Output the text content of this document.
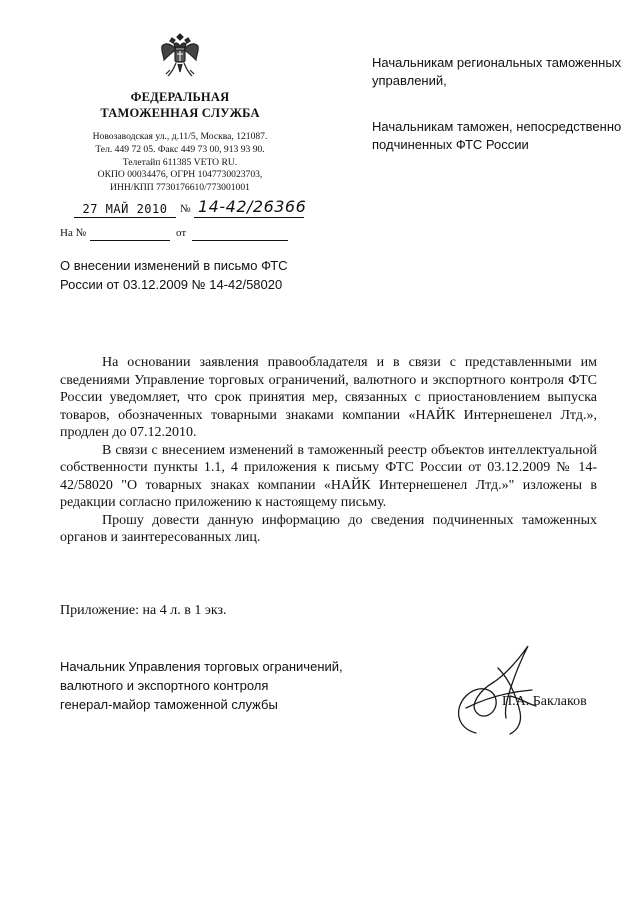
ФЕДЕРАЛЬНАЯ
ТАМОЖЕННАЯ СЛУЖБА
Новозаводская ул., д.11/5, Москва, 121087.
Тел. 449 72 05. Факс 449 73 00, 913 93 90.
Телетайп 611385 VETO RU.
ОКПО 00034476, ОГРН 1047730023703,
ИНН/КПП 7730176610/773001001
27 МАЙ 2010	№ 14-42/26366
На №	от

Начальникам региональных таможенных управлений,

Начальникам таможен, непосредственно подчиненных ФТС России

О внесении изменений в письмо ФТС России от 03.12.2009 № 14-42/58020

На основании заявления правообладателя и в связи с представленными им сведениями Управление торговых ограничений, валютного и экспортного контроля ФТС России уведомляет, что срок принятия мер, связанных с приостановлением выпуска товаров, обозначенных товарными знаками компании «НАЙК Интернешенел Лтд.», продлен до 07.12.2010.

В связи с внесением изменений в таможенный реестр объектов интеллектуальной собственности пункты 1.1, 4 приложения к письму ФТС России от 03.12.2009 № 14-42/58020 "О товарных знаках компании «НАЙК Интернешенел Лтд.»" изложены в редакции согласно приложению к настоящему письму.

Прошу довести данную информацию до сведения подчиненных таможенных органов и заинтересованных лиц.

Приложение: на 4 л. в 1 экз.
Начальник Управления торговых ограничений,
валютного и экспортного контроля
генерал-майор таможенной службы	П.А. Баклаков
